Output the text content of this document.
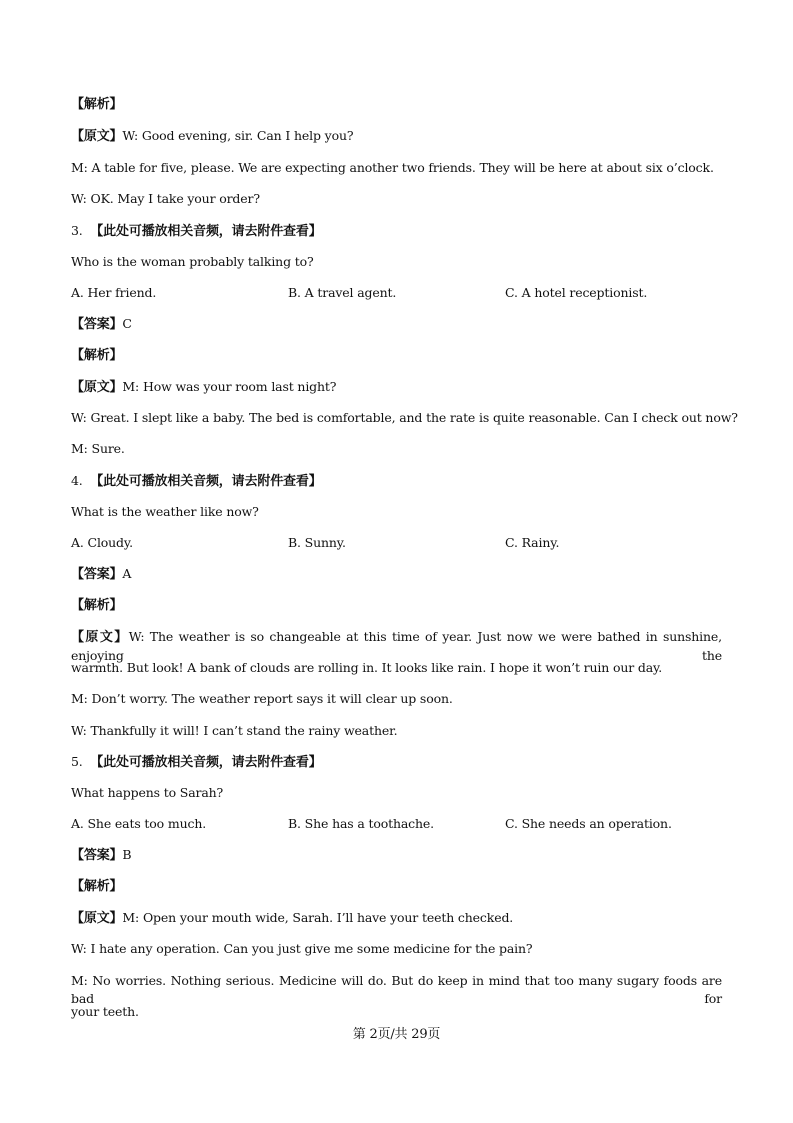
【解析】
【原文】W: Good evening, sir. Can I help you?
M: A table for five, please. We are expecting another two friends. They will be here at about six o’clock.
W: OK. May I take your order?
3. 【此处可播放相关音频，请去附件查看】
Who is the woman probably talking to?
A. Her friend.	B. A travel agent.	C. A hotel receptionist.
【答案】C
【解析】
【原文】M: How was your room last night?
W: Great. I slept like a baby. The bed is comfortable, and the rate is quite reasonable. Can I check out now?
M: Sure.
4. 【此处可播放相关音频，请去附件查看】
What is the weather like now?
A. Cloudy.	B. Sunny.	C. Rainy.
【答案】A
【解析】
【原文】W: The weather is so changeable at this time of year. Just now we were bathed in sunshine, enjoying the
warmth. But look! A bank of clouds are rolling in. It looks like rain. I hope it won’t ruin our day.
M: Don’t worry. The weather report says it will clear up soon.
W: Thankfully it will! I can’t stand the rainy weather.
5. 【此处可播放相关音频，请去附件查看】
What happens to Sarah?
A. She eats too much.	B. She has a toothache.	C. She needs an operation.
【答案】B
【解析】
【原文】M: Open your mouth wide, Sarah. I’ll have your teeth checked.
W: I hate any operation. Can you just give me some medicine for the pain?
M: No worries. Nothing serious. Medicine will do. But do keep in mind that too many sugary foods are bad for
your teeth.
第 2页/共 29页
